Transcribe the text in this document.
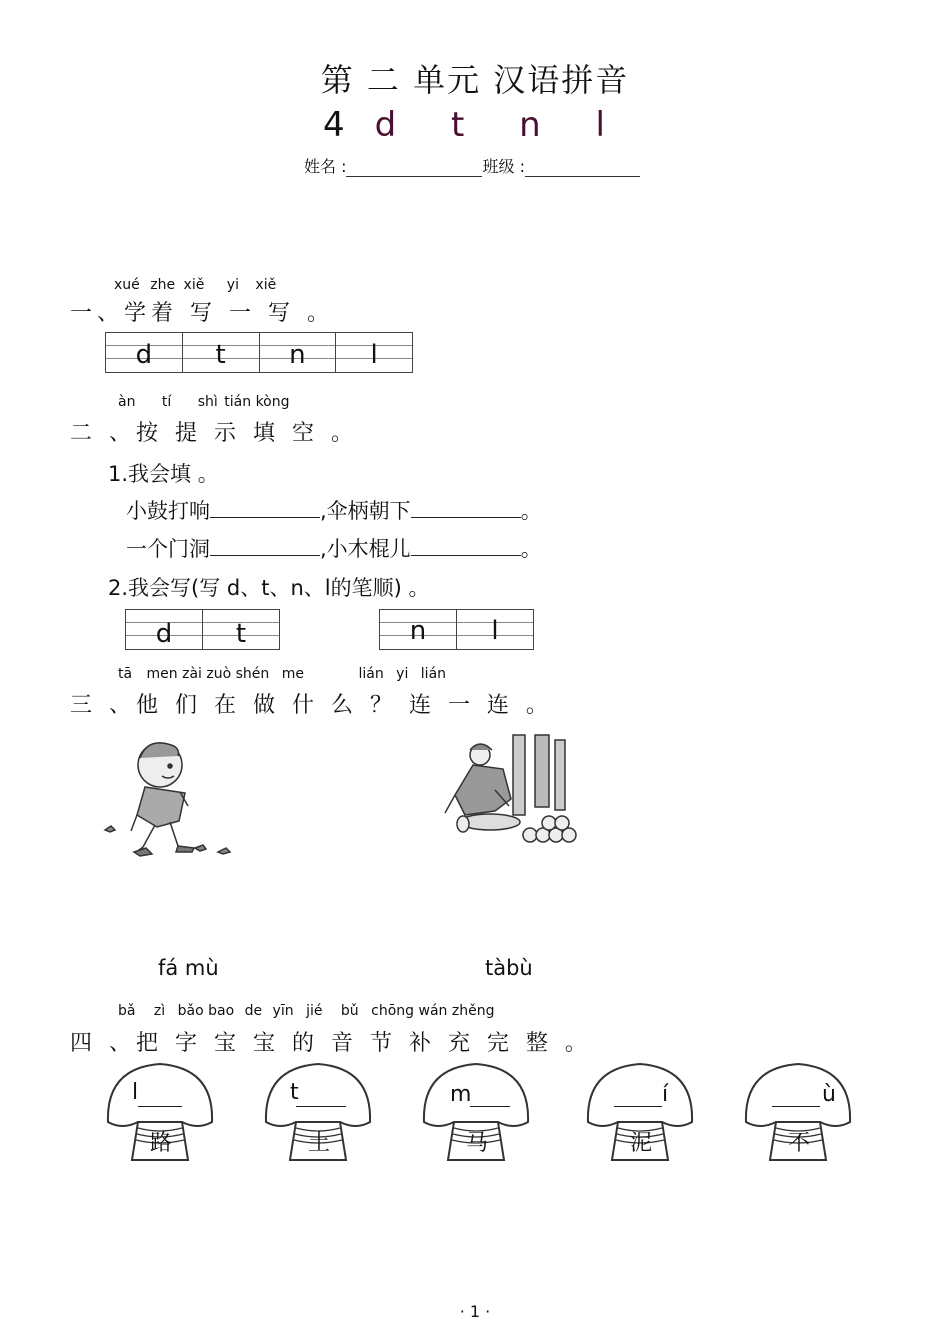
第 二 单元 汉语拼音
4 d t n l
姓名 :	班级 :
xué zhe xiě yi xiě
一、学着 写 一 写 。
d	t	n	l
àn tí shì tián kòng
二 、按 提 示 填 空 。
1.我会填 。
小鼓打响	,伞柄朝下	。
一个门洞	,小木棍儿	。
2.我会写(写 d、t、n、l的笔顺) 。
d	t	n	l
tā men zài zuò shén me	lián yi lián
三 、他 们 在 做 什 么 ？ 连 一 连 。
fá mù	tàbù
bǎ zì bǎo bao de yīn jié bǔ chōng wán zhěng
四 、把 字 宝 宝 的 音 节 补 充 完 整 。
l
路
t
土
m
马
í
泥
ù
不
· 1 ·
